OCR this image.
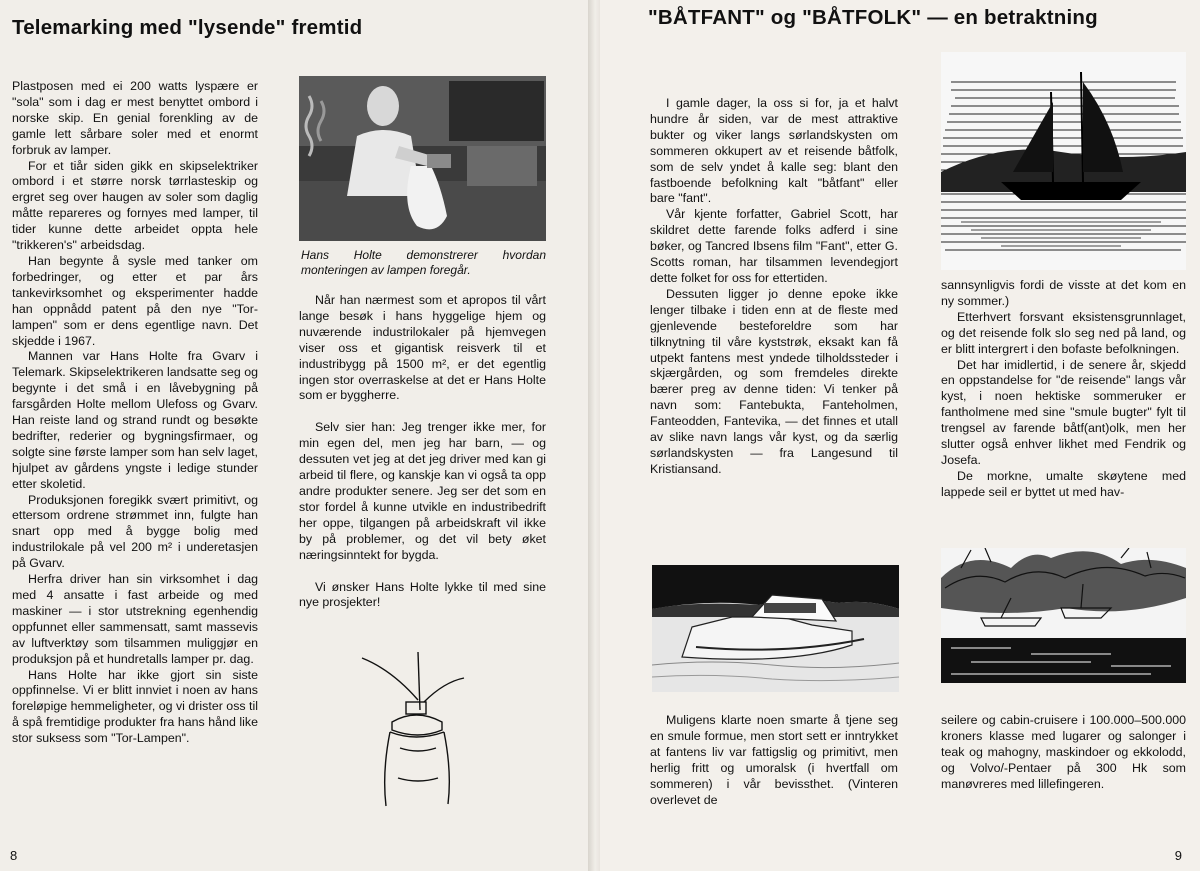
Telemarking med "lysende" fremtid

Plastposen med ei 200 watts lyspære er "sola" som i dag er mest benyttet ombord i norske skip. En genial forenkling av de gamle lett sårbare soler med et enormt forbruk av lamper.

For et tiår siden gikk en skipselektriker ombord i et større norsk tørrlasteskip og ergret seg over haugen av soler som daglig måtte repareres og fornyes med lamper, til tider kunne dette arbeidet oppta hele "trikkeren's" arbeidsdag.

Han begynte å sysle med tanker om forbedringer, og etter et par års tankevirksomhet og eksperimenter hadde han oppnådd patent på den nye "Tor-lampen" som er dens egentlige navn. Det skjedde i 1967.

Mannen var Hans Holte fra Gvarv i Telemark. Skipselektrikeren landsatte seg og begynte i det små i en låvebygning på farsgården Holte mellom Ulefoss og Gvarv. Han reiste land og strand rundt og besøkte bedrifter, rederier og bygningsfirmaer, og solgte sine første lamper som han selv laget, hjulpet av gårdens yngste i ledige stunder etter skoletid.

Produksjonen foregikk svært primitivt, og ettersom ordrene strømmet inn, fulgte han snart opp med å bygge bolig med industrilokale på vel 200 m² i underetasjen på Gvarv.

Herfra driver han sin virksomhet i dag med 4 ansatte i fast arbeide og med maskiner — i stor utstrekning egenhendig oppfunnet eller sammensatt, samt massevis av luftverktøy som tilsammen muliggjør en produksjon på et hundretalls lamper pr. dag.

Hans Holte har ikke gjort sin siste oppfinnelse. Vi er blitt innviet i noen av hans foreløpige hemmeligheter, og vi drister oss til å spå fremtidige produkter fra hans hånd like stor suksess som "Tor-Lampen".

Hans Holte demonstrerer hvordan monteringen av lampen foregår.

Når han nærmest som et apropos til vårt lange besøk i hans hyggelige hjem og nuværende industrilokaler på hjemvegen viser oss et gigantisk reisverk til et industribygg på 1500 m², er det egentlig ingen stor overraskelse at det er Hans Holte som er byggherre.

Selv sier han: Jeg trenger ikke mer, for min egen del, men jeg har barn, — og dessuten vet jeg at det jeg driver med kan gi arbeid til flere, og kanskje kan vi også ta opp andre produkter senere. Jeg ser det som en stor fordel å kunne utvikle en industribedrift her oppe, tilgangen på arbeidskraft vil ikke by på problemer, og det vil bety øket næringsinntekt for bygda.

Vi ønsker Hans Holte lykke til med sine nye prosjekter!

8
"BÅTFANT" og "BÅTFOLK" — en betraktning

I gamle dager, la oss si for, ja et halvt hundre år siden, var de mest attraktive bukter og viker langs sørlandskysten om sommeren okkupert av et reisende båtfolk, som de selv yndet å kalle seg: blant den fastboende befolkning kalt "båtfant" eller bare "fant".

Vår kjente forfatter, Gabriel Scott, har skildret dette farende folks adferd i sine bøker, og Tancred Ibsens film "Fant", etter G. Scotts roman, har tilsammen levendegjort dette folket for oss for ettertiden.

Dessuten ligger jo denne epoke ikke lenger tilbake i tiden enn at de fleste med gjenlevende besteforeldre som har tilknytning til våre kyststrøk, eksakt kan få utpekt fantens mest yndede tilholdssteder i skjærgården, og som fremdeles direkte bærer preg av denne tiden: Vi tenker på navn som: Fantebukta, Fanteholmen, Fanteodden, Fantevika, — det finnes et utall av slike navn langs vår kyst, og da særlig sørlandskysten — fra Langesund til Kristiansand.

Muligens klarte noen smarte å tjene seg en smule formue, men stort sett er inntrykket at fantens liv var fattigslig og primitivt, men herlig fritt og umoralsk (i hvertfall om sommeren) i vår bevissthet. (Vinteren overlevet de

sannsynligvis fordi de visste at det kom en ny sommer.)

Etterhvert forsvant eksistensgrunnlaget, og det reisende folk slo seg ned på land, og er blitt intergrert i den bofaste befolkningen.

Det har imidlertid, i de senere år, skjedd en oppstandelse for "de reisende" langs vår kyst, i noen hektiske sommeruker er fantholmene med sine "smule bugter" fylt til trengsel av farende båtf(ant)olk, men her slutter også enhver likhet med Fendrik og Josefa.

De morkne, umalte skøytene med lappede seil er byttet ut med hav-

seilere og cabin-cruisere i 100.000–500.000 kroners klasse med lugarer og salonger i teak og mahogny, maskindoer og ekkolodd, og Volvo/-Pentaer på 300 Hk som manøvreres med lillefingeren.

9
